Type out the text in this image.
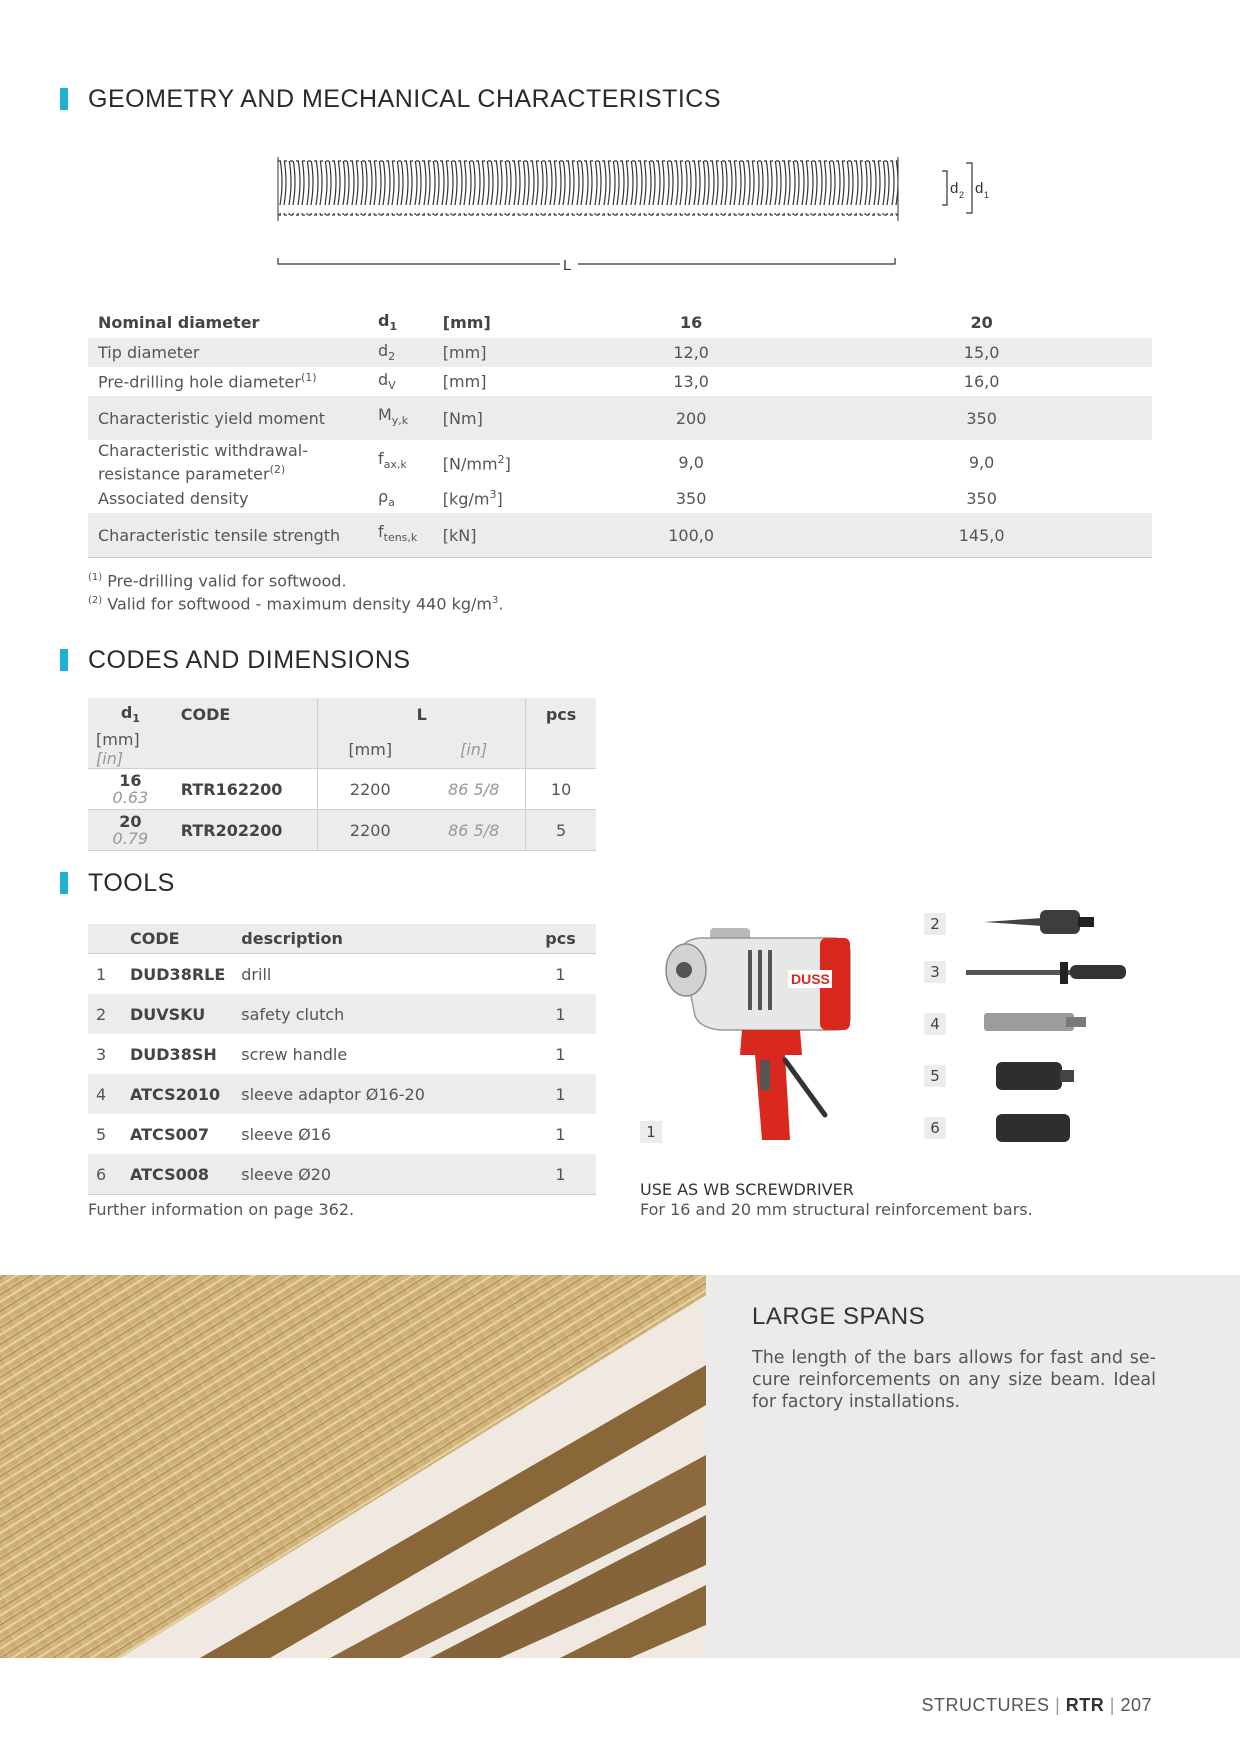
GEOMETRY AND MECHANICAL CHARACTERISTICS
d 2 d 1
L
Nominal diameter	$d_1$	[mm]	16	20
Tip diameter	$d_2$	[mm]	12,0	15,0
Pre-drilling hole diameter$^{(1)}$	$d_V$	[mm]	13,0	16,0
Characteristic yield moment	$M_{y,k}$	[Nm]	200	350
Characteristic withdrawal-resistance parameter$^{(2)}$	$f_{ax,k}$	$[N/mm^2]$	9,0	9,0
Associated density	$\rho_a$	$[kg/m^3]$	350	350
Characteristic tensile strength	$f_{tens,k}$	[kN]	100,0	145,0
$^{(1)}$ Pre-drilling valid for softwood.
$^{(2)}$ Valid for softwood - maximum density 440 $kg/m^3$.
CODES AND DIMENSIONS
$d_1$	CODE	L		pcs
[mm] [in]		[mm]	[in]	

16
0.63	RTR162200	2200	86 5/8	10

20
0.79	RTR202200	2200	86 5/8	5
TOOLS
	CODE	description	pcs
1	DUD38RLE	drill	1
2	DUVSKU	safety clutch	1
3	DUD38SH	screw handle	1
4	ATCS2010	sleeve adaptor Ø16-20	1
5	ATCS007	sleeve Ø16	1
6	ATCS008	sleeve Ø20	1
Further information on page 362.
DUSS
1
2
3
4
5
6
USE AS WB SCREWDRIVER
For 16 and 20 mm structural reinforcement bars.
LARGE SPANS
The length of the bars allows for fast and se-cure reinforcements on any size beam. Ideal for factory installations.
STRUCTURES | RTR | 207
